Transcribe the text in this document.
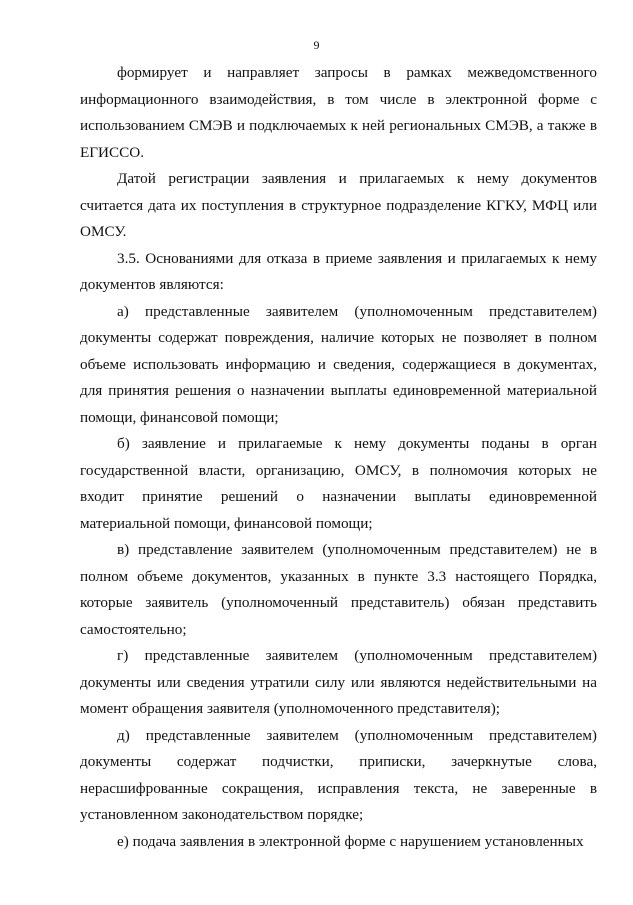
9

формирует и направляет запросы в рамках межведомственного информационного взаимодействия, в том числе в электронной форме с использованием СМЭВ и подключаемых к ней региональных СМЭВ, а также в ЕГИССО.

Датой регистрации заявления и прилагаемых к нему документов считается дата их поступления в структурное подразделение КГКУ, МФЦ или ОМСУ.

3.5. Основаниями для отказа в приеме заявления и прилагаемых к нему документов являются:

а) представленные заявителем (уполномоченным представителем) документы содержат повреждения, наличие которых не позволяет в полном объеме использовать информацию и сведения, содержащиеся в документах, для принятия решения о назначении выплаты единовременной материальной помощи, финансовой помощи;

б) заявление и прилагаемые к нему документы поданы в орган государственной власти, организацию, ОМСУ, в полномочия которых не входит принятие решений о назначении выплаты единовременной материальной помощи, финансовой помощи;

в) представление заявителем (уполномоченным представителем) не в полном объеме документов, указанных в пункте 3.3 настоящего Порядка, которые заявитель (уполномоченный представитель) обязан представить самостоятельно;

г) представленные заявителем (уполномоченным представителем) документы или сведения утратили силу или являются недействительными на момент обращения заявителя (уполномоченного представителя);

д) представленные заявителем (уполномоченным представителем) документы содержат подчистки, приписки, зачеркнутые слова, нерасшифрованные сокращения, исправления текста, не заверенные в установленном законодательством порядке;

е) подача заявления в электронной форме с нарушением установленных
